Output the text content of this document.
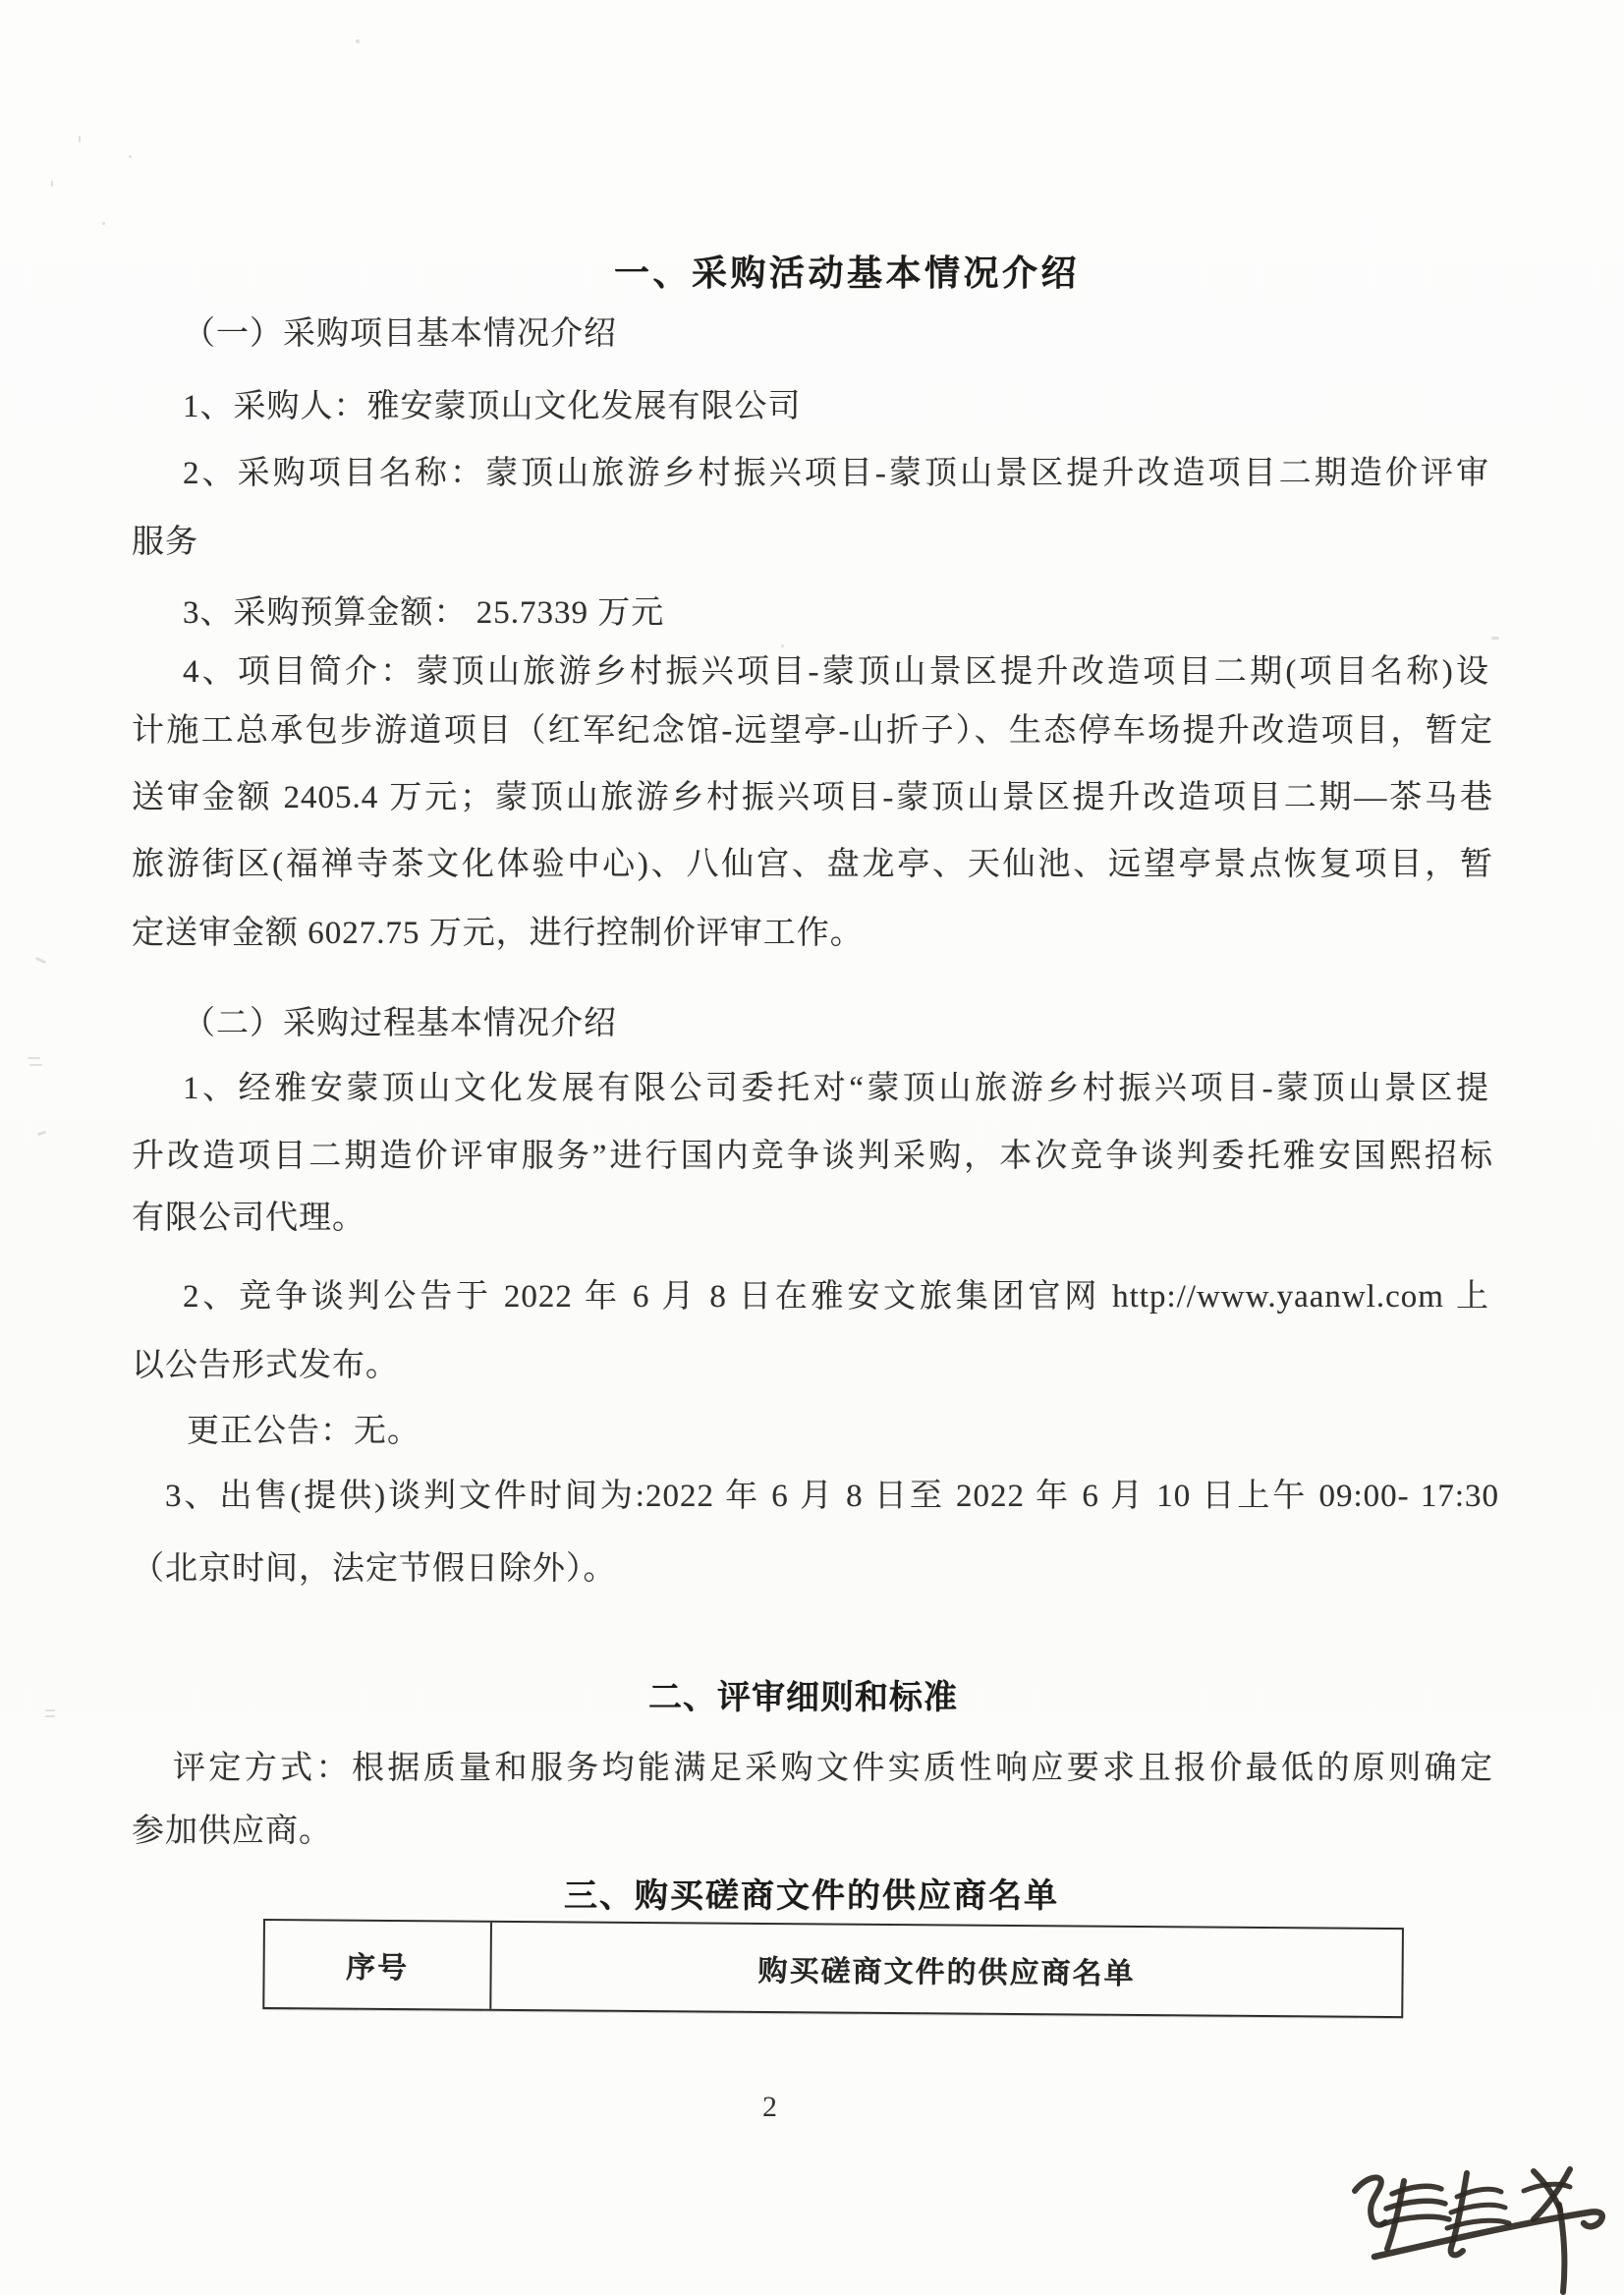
一、采购活动基本情况介绍
（一）采购项目基本情况介绍
1、采购人：雅安蒙顶山文化发展有限公司
2、采购项目名称：蒙顶山旅游乡村振兴项目-蒙顶山景区提升改造项目二期造价评审
服务
3、采购预算金额： 25.7339 万元
4、项目简介：蒙顶山旅游乡村振兴项目-蒙顶山景区提升改造项目二期(项目名称)设
计施工总承包步游道项目（红军纪念馆-远望亭-山折子）、生态停车场提升改造项目，暂定
送审金额 2405.4 万元；蒙顶山旅游乡村振兴项目-蒙顶山景区提升改造项目二期—茶马巷
旅游街区(福禅寺茶文化体验中心)、八仙宫、盘龙亭、天仙池、远望亭景点恢复项目，暂
定送审金额 6027.75 万元，进行控制价评审工作。
（二）采购过程基本情况介绍
1、经雅安蒙顶山文化发展有限公司委托对“蒙顶山旅游乡村振兴项目-蒙顶山景区提
升改造项目二期造价评审服务”进行国内竞争谈判采购，本次竞争谈判委托雅安国熙招标
有限公司代理。
2、竞争谈判公告于 2022 年 6 月 8 日在雅安文旅集团官网 http://www.yaanwl.com 上
以公告形式发布。
更正公告：无。
3、出售(提供)谈判文件时间为:2022 年 6 月 8 日至 2022 年 6 月 10 日上午 09:00- 17:30
（北京时间，法定节假日除外）。
二、评审细则和标准
评定方式：根据质量和服务均能满足采购文件实质性响应要求且报价最低的原则确定
参加供应商。
三、购买磋商文件的供应商名单
序号	购买磋商文件的供应商名单
2
